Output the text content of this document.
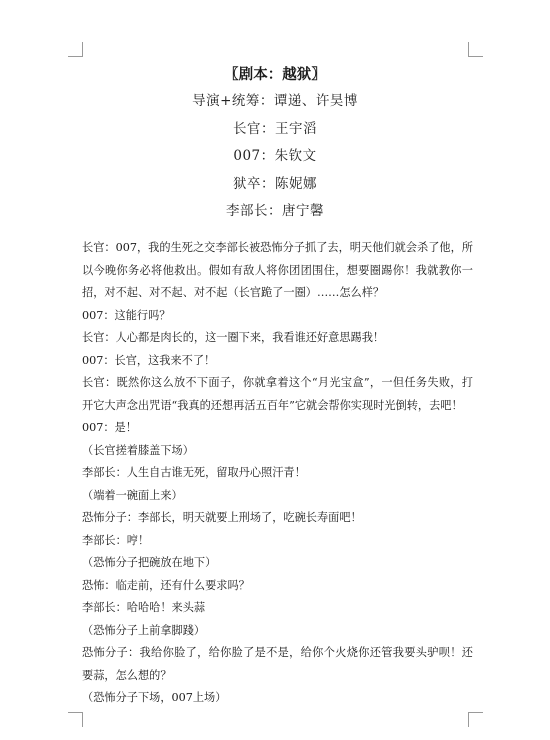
〖剧本：越狱〗

导演+统筹：谭递、许昊博

长官：王宇滔

007：朱钦文

狱卒：陈妮娜

李部长：唐宁馨

长官：007，我的生死之交李部长被恐怖分子抓了去，明天他们就会杀了他，所以今晚你务必将他救出。假如有敌人将你团团围住，想要圈踢你！我就教你一招，对不起、对不起、对不起（长官跪了一圈）……怎么样？

007：这能行吗？

长官：人心都是肉长的，这一圈下来，我看谁还好意思踢我！

007：长官，这我来不了！

长官：既然你这么放不下面子，你就拿着这个“月光宝盒”，一但任务失败，打开它大声念出咒语“我真的还想再活五百年”它就会帮你实现时光倒转，去吧！

007：是！

（长官搓着膝盖下场）

李部长：人生自古谁无死，留取丹心照汗青！

（端着一碗面上来）

恐怖分子：李部长，明天就要上刑场了，吃碗长寿面吧！

李部长：哼！

（恐怖分子把碗放在地下）

恐怖：临走前，还有什么要求吗？

李部长：哈哈哈！来头蒜

（恐怖分子上前拿脚踐）

恐怖分子：我给你脸了，给你脸了是不是，给你个火烧你还管我要头驴呗！还要蒜，怎么想的？

（恐怖分子下场，007上场）
